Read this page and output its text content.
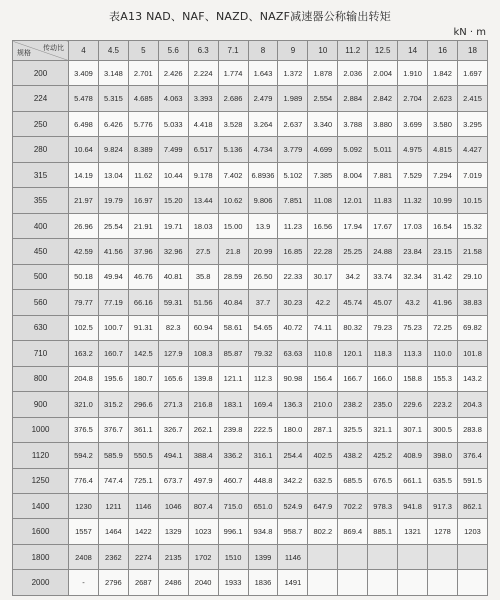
表A13 NAD、NAF、NAZD、NAZF减速器公称输出转矩
kN · m
传动比
规格	4	4.5	5	5.6	6.3	7.1	8	9	10	11.2	12.5	14	16	18
200	3.409	3.148	2.701	2.426	2.224	1.774	1.643	1.372	1.878	2.036	2.004	1.910	1.842	1.697
224	5.478	5.315	4.685	4.063	3.393	2.686	2.479	1.989	2.554	2.884	2.842	2.704	2.623	2.415
250	6.498	6.426	5.776	5.033	4.418	3.528	3.264	2.637	3.340	3.788	3.880	3.699	3.580	3.295
280	10.64	9.824	8.389	7.499	6.517	5.136	4.734	3.779	4.699	5.092	5.011	4.975	4.815	4.427
315	14.19	13.04	11.62	10.44	9.178	7.402	6.8936	5.102	7.385	8.004	7.881	7.529	7.294	7.019
355	21.97	19.79	16.97	15.20	13.44	10.62	9.806	7.851	11.08	12.01	11.83	11.32	10.99	10.15
400	26.96	25.54	21.91	19.71	18.03	15.00	13.9	11.23	16.56	17.94	17.67	17.03	16.54	15.32
450	42.59	41.56	37.96	32.96	27.5	21.8	20.99	16.85	22.28	25.25	24.88	23.84	23.15	21.58
500	50.18	49.94	46.76	40.81	35.8	28.59	26.50	22.33	30.17	34.2	33.74	32.34	31.42	29.10
560	79.77	77.19	66.16	59.31	51.56	40.84	37.7	30.23	42.2	45.74	45.07	43.2	41.96	38.83
630	102.5	100.7	91.31	82.3	60.94	58.61	54.65	40.72	74.11	80.32	79.23	75.23	72.25	69.82
710	163.2	160.7	142.5	127.9	108.3	85.87	79.32	63.63	110.8	120.1	118.3	113.3	110.0	101.8
800	204.8	195.6	180.7	165.6	139.8	121.1	112.3	90.98	156.4	166.7	166.0	158.8	155.3	143.2
900	321.0	315.2	296.6	271.3	216.8	183.1	169.4	136.3	210.0	238.2	235.0	229.6	223.2	204.3
1000	376.5	376.7	361.1	326.7	262.1	239.8	222.5	180.0	287.1	325.5	321.1	307.1	300.5	283.8
1120	594.2	585.9	550.5	494.1	388.4	336.2	316.1	254.4	402.5	438.2	425.2	408.9	398.0	376.4
1250	776.4	747.4	725.1	673.7	497.9	460.7	448.8	342.2	632.5	685.5	676.5	661.1	635.5	591.5
1400	1230	1211	1146	1046	807.4	715.0	651.0	524.9	647.9	702.2	978.3	941.8	917.3	862.1
1600	1557	1464	1422	1329	1023	996.1	934.8	958.7	802.2	869.4	885.1	1321	1278	1203
1800	2408	2362	2274	2135	1702	1510	1399	1146						
2000	-	2796	2687	2486	2040	1933	1836	1491						
